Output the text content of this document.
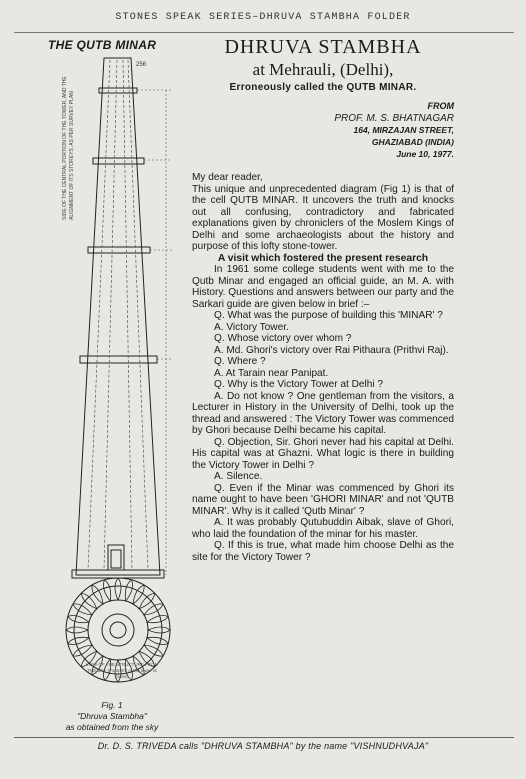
STONES SPEAK SERIES–DHRUVA STAMBHA FOLDER
THE QUTB MINAR
SIDE OF THE CENTRAL PORTION OF THE TOWER, AND THE ALIGNMENT OF ITS STOREYS, AS PER SURVEY PLAN
256
VIEW OF THE STRUCTURE FROM THE SKY (Footprint of the tower at base)
Fig. 1
"Dhruva Stambha"
as obtained from the sky

DHRUVA STAMBHA

at Mehrauli, (Delhi),

Erroneously called the QUTB MINAR.

FROM
PROF. M. S. BHATNAGAR
164, MIRZAJAN STREET,
GHAZIABAD (INDIA)
June 10, 1977.

My dear reader,

This unique and unprecedented diagram (Fig 1) is that of the cell QUTB MINAR. It uncovers the truth and knocks out all confusing, contradictory and fabricated explanations given by chroniclers of the Moslem Kings of Delhi and some archaeologists about the history and purpose of this lofty stone-tower.

A visit which fostered the present research

In 1961 some college students went with me to the Qutb Minar and engaged an official guide, an M. A. with History. Questions and answers between our party and the Sarkari guide are given below in brief :–

Q. What was the purpose of building this 'MINAR' ?

A. Victory Tower.

Q. Whose victory over whom ?

A. Md. Ghori's victory over Rai Pithaura (Prithvi Raj).

Q. Where ?

A. At Tarain near Panipat.

Q. Why is the Victory Tower at Delhi ?

A. Do not know ? One gentleman from the visitors, a Lecturer in History in the University of Delhi, took up the thread and answered : The Victory Tower was commenced by Ghori because Delhi became his capital.

Q. Objection, Sir. Ghori never had his capital at Delhi. His capital was at Ghazni. What logic is there in building the Victory Tower in Delhi ?

A. Silence.

Q. Even if the Minar was commenced by Ghori its name ought to have been 'GHORI MINAR' and not 'QUTB MINAR'. Why is it called 'Qutb Minar' ?

A. It was probably Qutubuddin Aibak, slave of Ghori, who laid the foundation of the minar for his master.

Q. If this is true, what made him choose Delhi as the site for the Victory Tower ?

Dr. D. S. TRIVEDA calls "DHRUVA STAMBHA" by the name "VISHNUDHVAJA"
